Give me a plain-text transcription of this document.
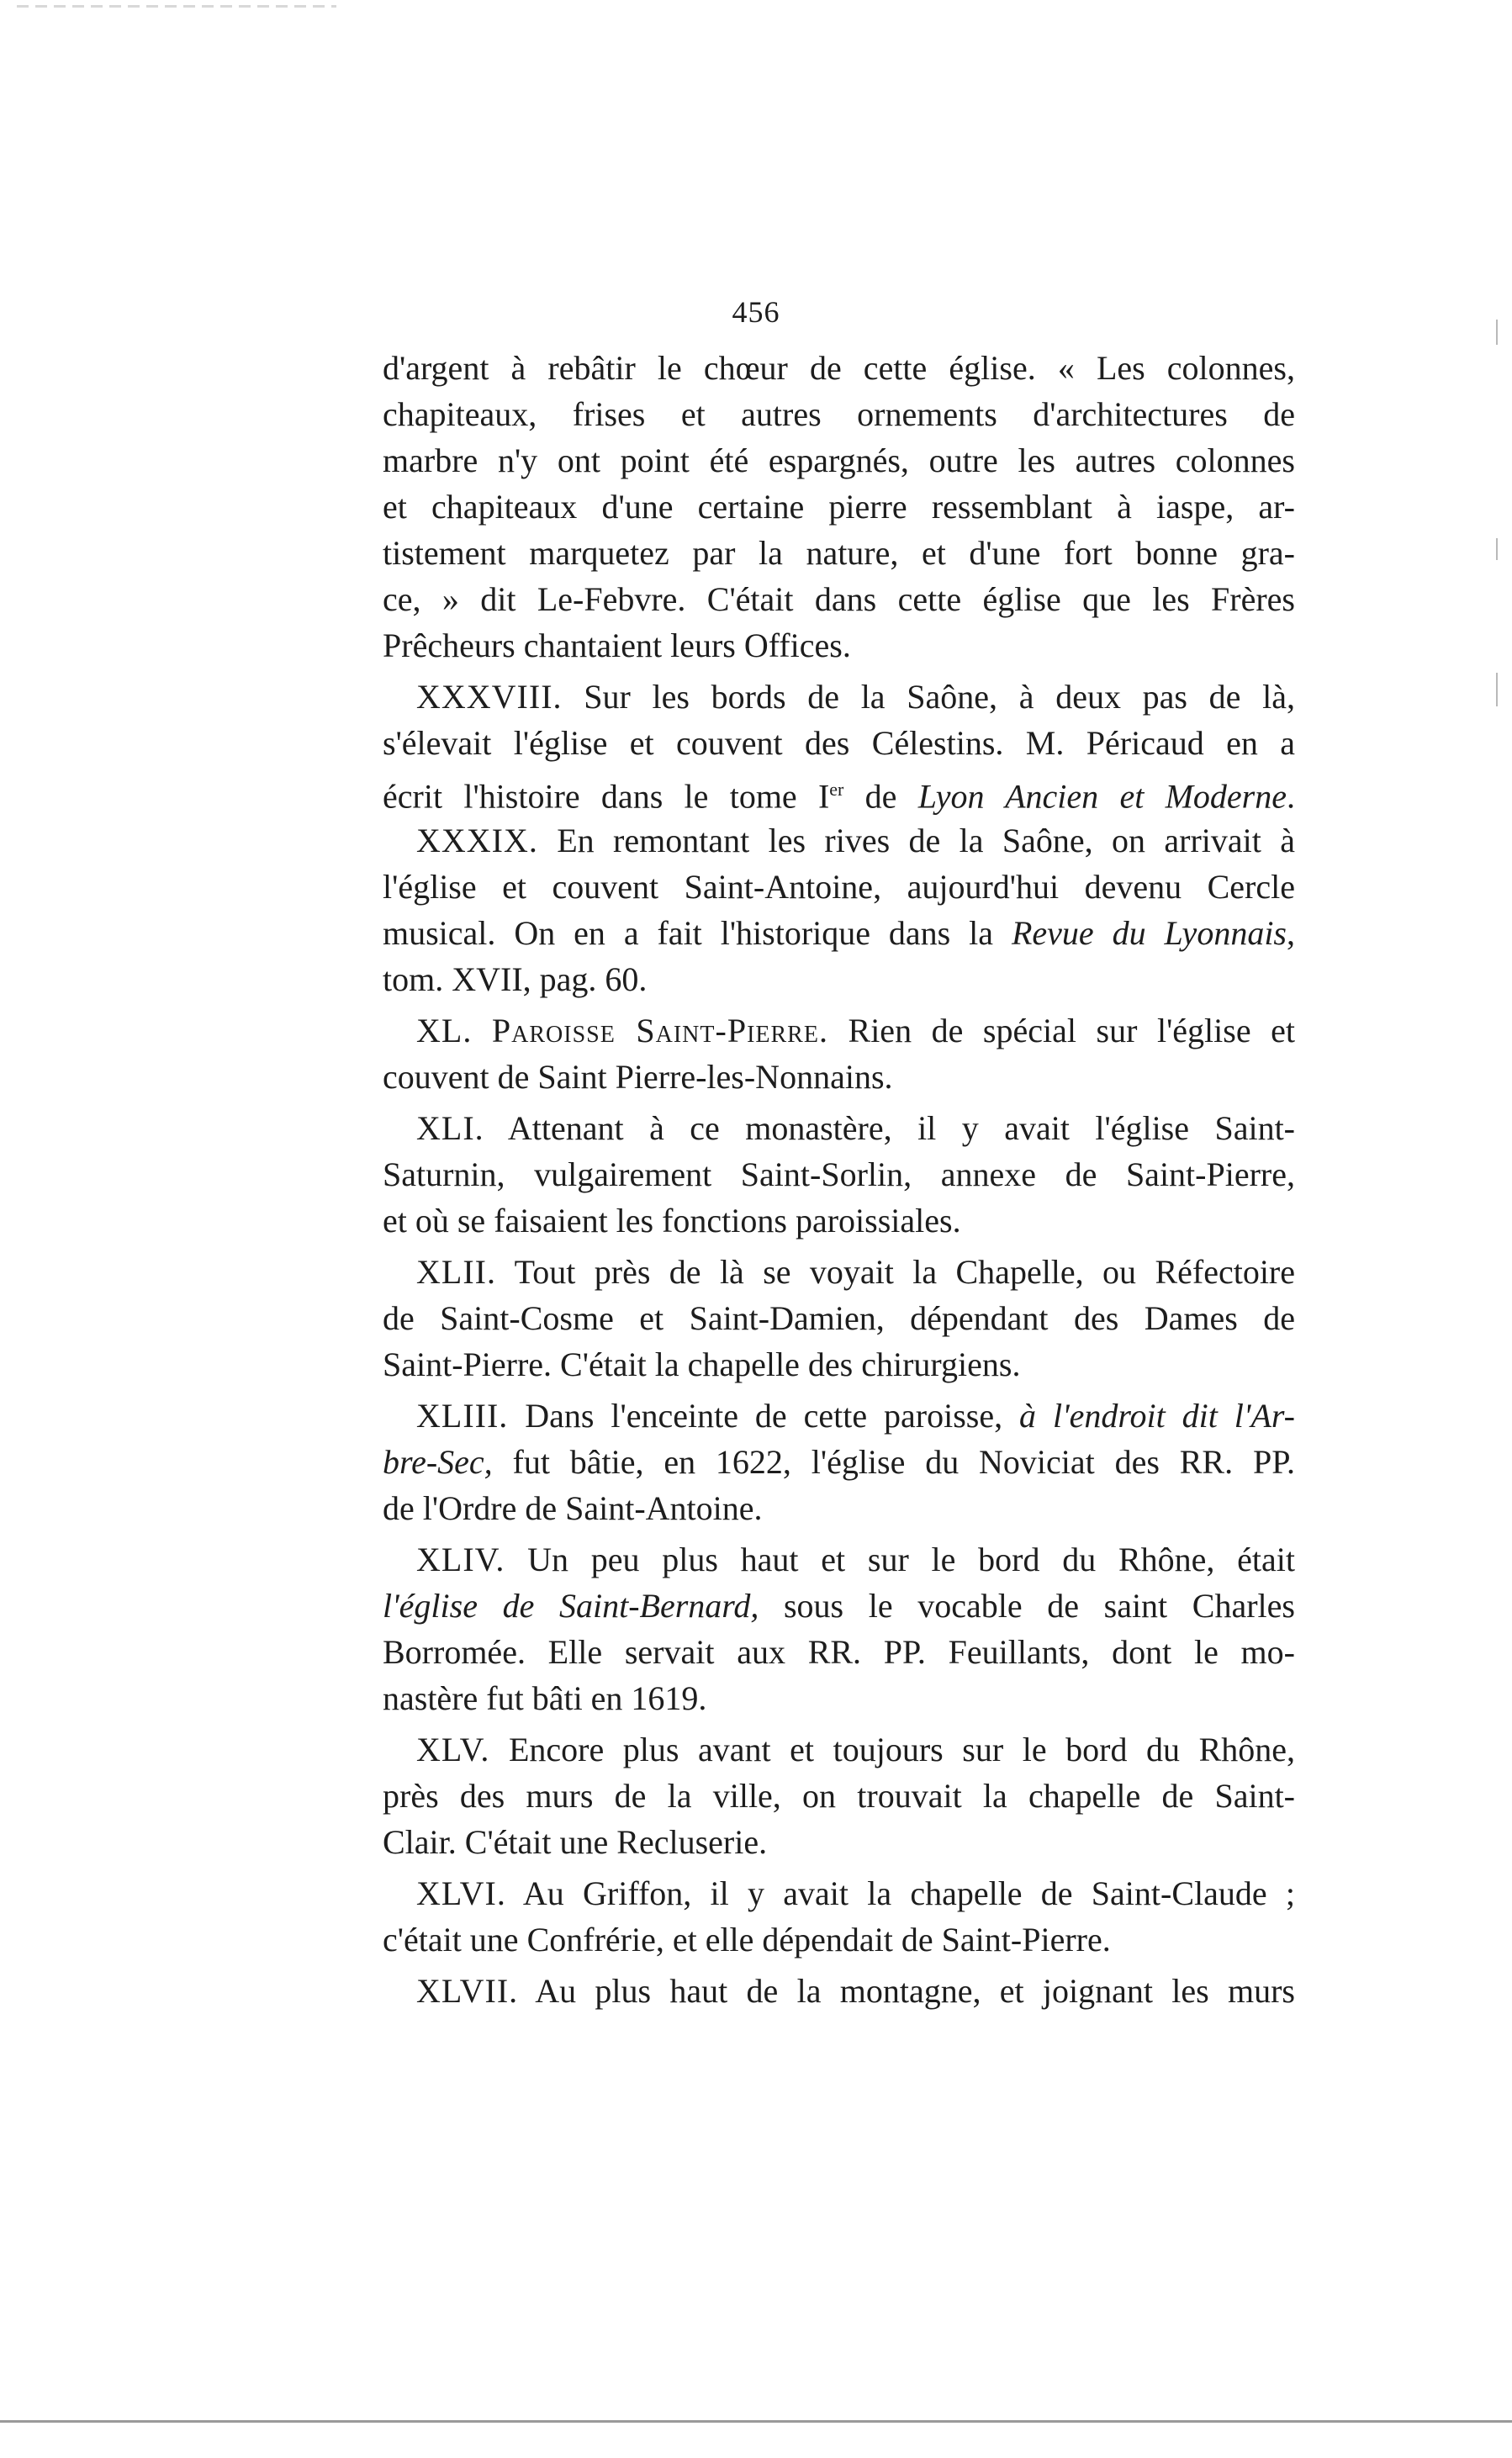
456
d'argent à rebâtir le chœur de cette église. « Les colonnes,
chapiteaux, frises et autres ornements d'architectures de
marbre n'y ont point été espargnés, outre les autres colonnes
et chapiteaux d'une certaine pierre ressemblant à iaspe, ar-
tistement marquetez par la nature, et d'une fort bonne gra-
ce, » dit Le-Febvre. C'était dans cette église que les Frères
Prêcheurs chantaient leurs Offices.
XXXVIII. Sur les bords de la Saône, à deux pas de là,
s'élevait l'église et couvent des Célestins. M. Péricaud en a
écrit l'histoire dans le tome Ier de Lyon Ancien et Moderne.
XXXIX. En remontant les rives de la Saône, on arrivait à
l'église et couvent Saint-Antoine, aujourd'hui devenu Cercle
musical. On en a fait l'historique dans la Revue du Lyonnais,
tom. XVII, pag. 60.
XL. Paroisse Saint-Pierre. Rien de spécial sur l'église et
couvent de Saint Pierre-les-Nonnains.
XLI. Attenant à ce monastère, il y avait l'église Saint-
Saturnin, vulgairement Saint-Sorlin, annexe de Saint-Pierre,
et où se faisaient les fonctions paroissiales.
XLII. Tout près de là se voyait la Chapelle, ou Réfectoire
de Saint-Cosme et Saint-Damien, dépendant des Dames de
Saint-Pierre. C'était la chapelle des chirurgiens.
XLIII. Dans l'enceinte de cette paroisse, à l'endroit dit l'Ar-
bre-Sec, fut bâtie, en 1622, l'église du Noviciat des RR. PP.
de l'Ordre de Saint-Antoine.
XLIV. Un peu plus haut et sur le bord du Rhône, était
l'église de Saint-Bernard, sous le vocable de saint Charles
Borromée. Elle servait aux RR. PP. Feuillants, dont le mo-
nastère fut bâti en 1619.
XLV. Encore plus avant et toujours sur le bord du Rhône,
près des murs de la ville, on trouvait la chapelle de Saint-
Clair. C'était une Recluserie.
XLVI. Au Griffon, il y avait la chapelle de Saint-Claude ;
c'était une Confrérie, et elle dépendait de Saint-Pierre.
XLVII. Au plus haut de la montagne, et joignant les murs
